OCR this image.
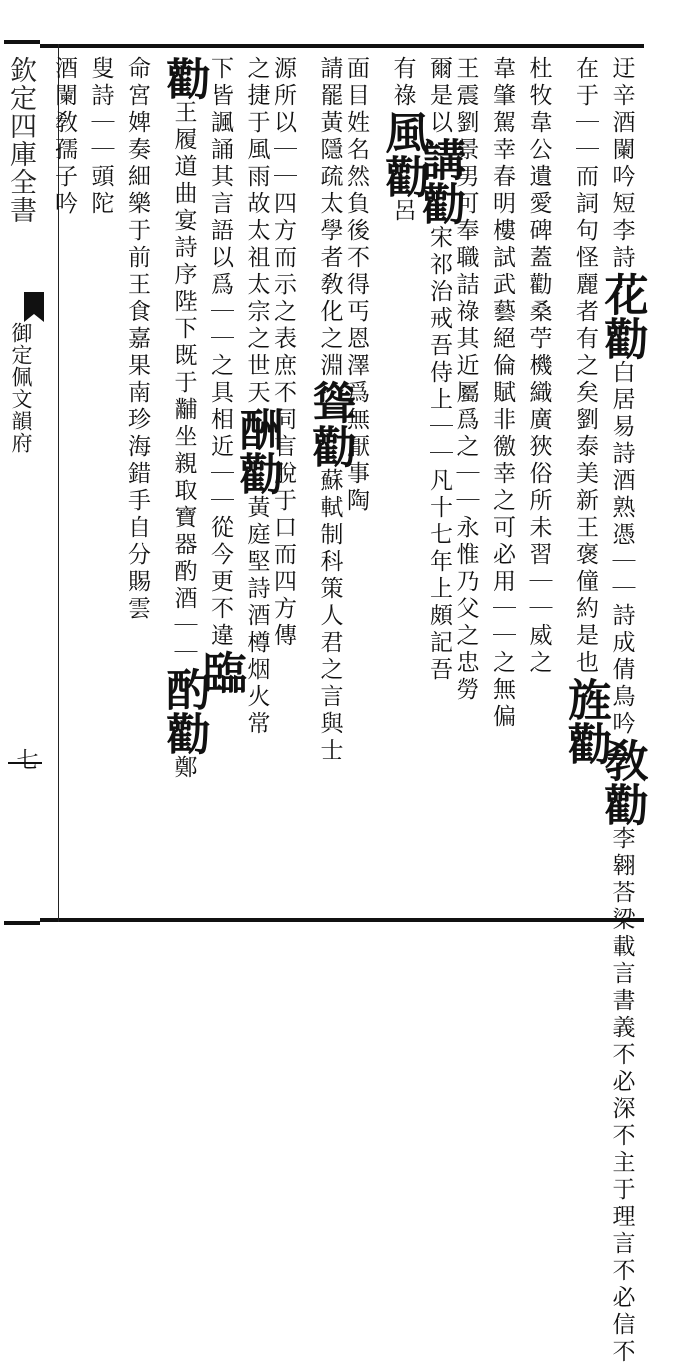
欽定四庫全書
御定佩文韻府
七
迂辛酒闌吟短李詩花勸白居易詩酒熟憑｜｜詩成倩鳥吟敎勸李翱荅梁載言書義不必深不主于理言不必信不
在于｜｜而詞句怪麗者有之矣劉泰美新王褒僮約是也旌勸
杜牧韋公遺愛碑蓋勸桑苧機織廣狹俗所未習｜｜威之
韋肇駕幸春明樓試武藝絕倫賦非徼幸之可必用｜｜之無偏
王震劉景男可奉職詰祿其近屬爲之｜｜永惟乃父之忠勞
爾是以講勸宋祁治戒吾侍上｜｜凡十七年上頗記吾
有祿風勸呂
面目姓名然負後不得丐恩澤爲無厭事陶
請罷黃隱疏太學者敎化之淵聳勸蘇軾制科策人君之言與士
源所以｜｜四方而示之表庶不同言脫于口而四方傳
之捷于風雨故太祖太宗之世天酬勸黃庭堅詩酒樽烟火常
下皆諷誦其言語以爲｜｜之具相近｜｜從今更不違臨
勸王履道曲宴詩序陛下既于黼坐親取寶器酌酒｜｜酌勸鄭
命宮婢奏細樂于前王食嘉果南珍海錯手自分賜雲
叟詩｜｜頭陀
酒闌敎孺子吟
